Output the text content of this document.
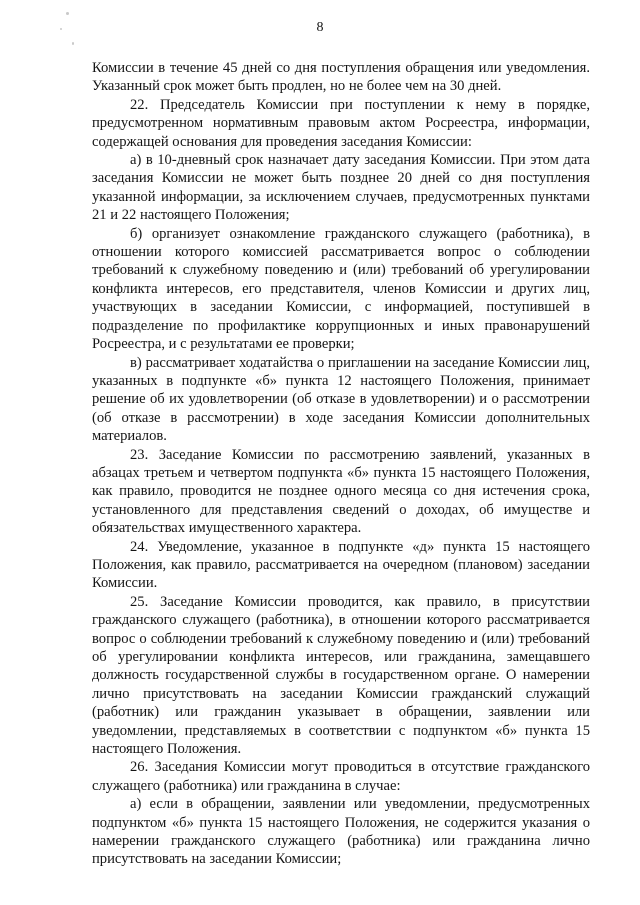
8

Комиссии в течение 45 дней со дня поступления обращения или уведомления. Указанный срок может быть продлен, но не более чем на 30 дней.

22. Председатель Комиссии при поступлении к нему в порядке, предусмотренном нормативным правовым актом Росреестра, информации, содержащей основания для проведения заседания Комиссии:

а) в 10-дневный срок назначает дату заседания Комиссии. При этом дата заседания Комиссии не может быть позднее 20 дней со дня поступления указанной информации, за исключением случаев, предусмотренных пунктами 21 и 22 настоящего Положения;

б) организует ознакомление гражданского служащего (работника), в отношении которого комиссией рассматривается вопрос о соблюдении требований к служебному поведению и (или) требований об урегулировании конфликта интересов, его представителя, членов Комиссии и других лиц, участвующих в заседании Комиссии, с информацией, поступившей в подразделение по профилактике коррупционных и иных правонарушений Росреестра, и с результатами ее проверки;

в) рассматривает ходатайства о приглашении на заседание Комиссии лиц, указанных в подпункте «б» пункта 12 настоящего Положения, принимает решение об их удовлетворении (об отказе в удовлетворении) и о рассмотрении (об отказе в рассмотрении) в ходе заседания Комиссии дополнительных материалов.

23. Заседание Комиссии по рассмотрению заявлений, указанных в абзацах третьем и четвертом подпункта «б» пункта 15 настоящего Положения, как правило, проводится не позднее одного месяца со дня истечения срока, установленного для представления сведений о доходах, об имуществе и обязательствах имущественного характера.

24. Уведомление, указанное в подпункте «д» пункта 15 настоящего Положения, как правило, рассматривается на очередном (плановом) заседании Комиссии.

25. Заседание Комиссии проводится, как правило, в присутствии гражданского служащего (работника), в отношении которого рассматривается вопрос о соблюдении требований к служебному поведению и (или) требований об урегулировании конфликта интересов, или гражданина, замещавшего должность государственной службы в государственном органе. О намерении лично присутствовать на заседании Комиссии гражданский служащий (работник) или гражданин указывает в обращении, заявлении или уведомлении, представляемых в соответствии с подпунктом «б» пункта 15 настоящего Положения.

26. Заседания Комиссии могут проводиться в отсутствие гражданского служащего (работника) или гражданина в случае:

а) если в обращении, заявлении или уведомлении, предусмотренных подпунктом «б» пункта 15 настоящего Положения, не содержится указания о намерении гражданского служащего (работника) или гражданина лично присутствовать на заседании Комиссии;
